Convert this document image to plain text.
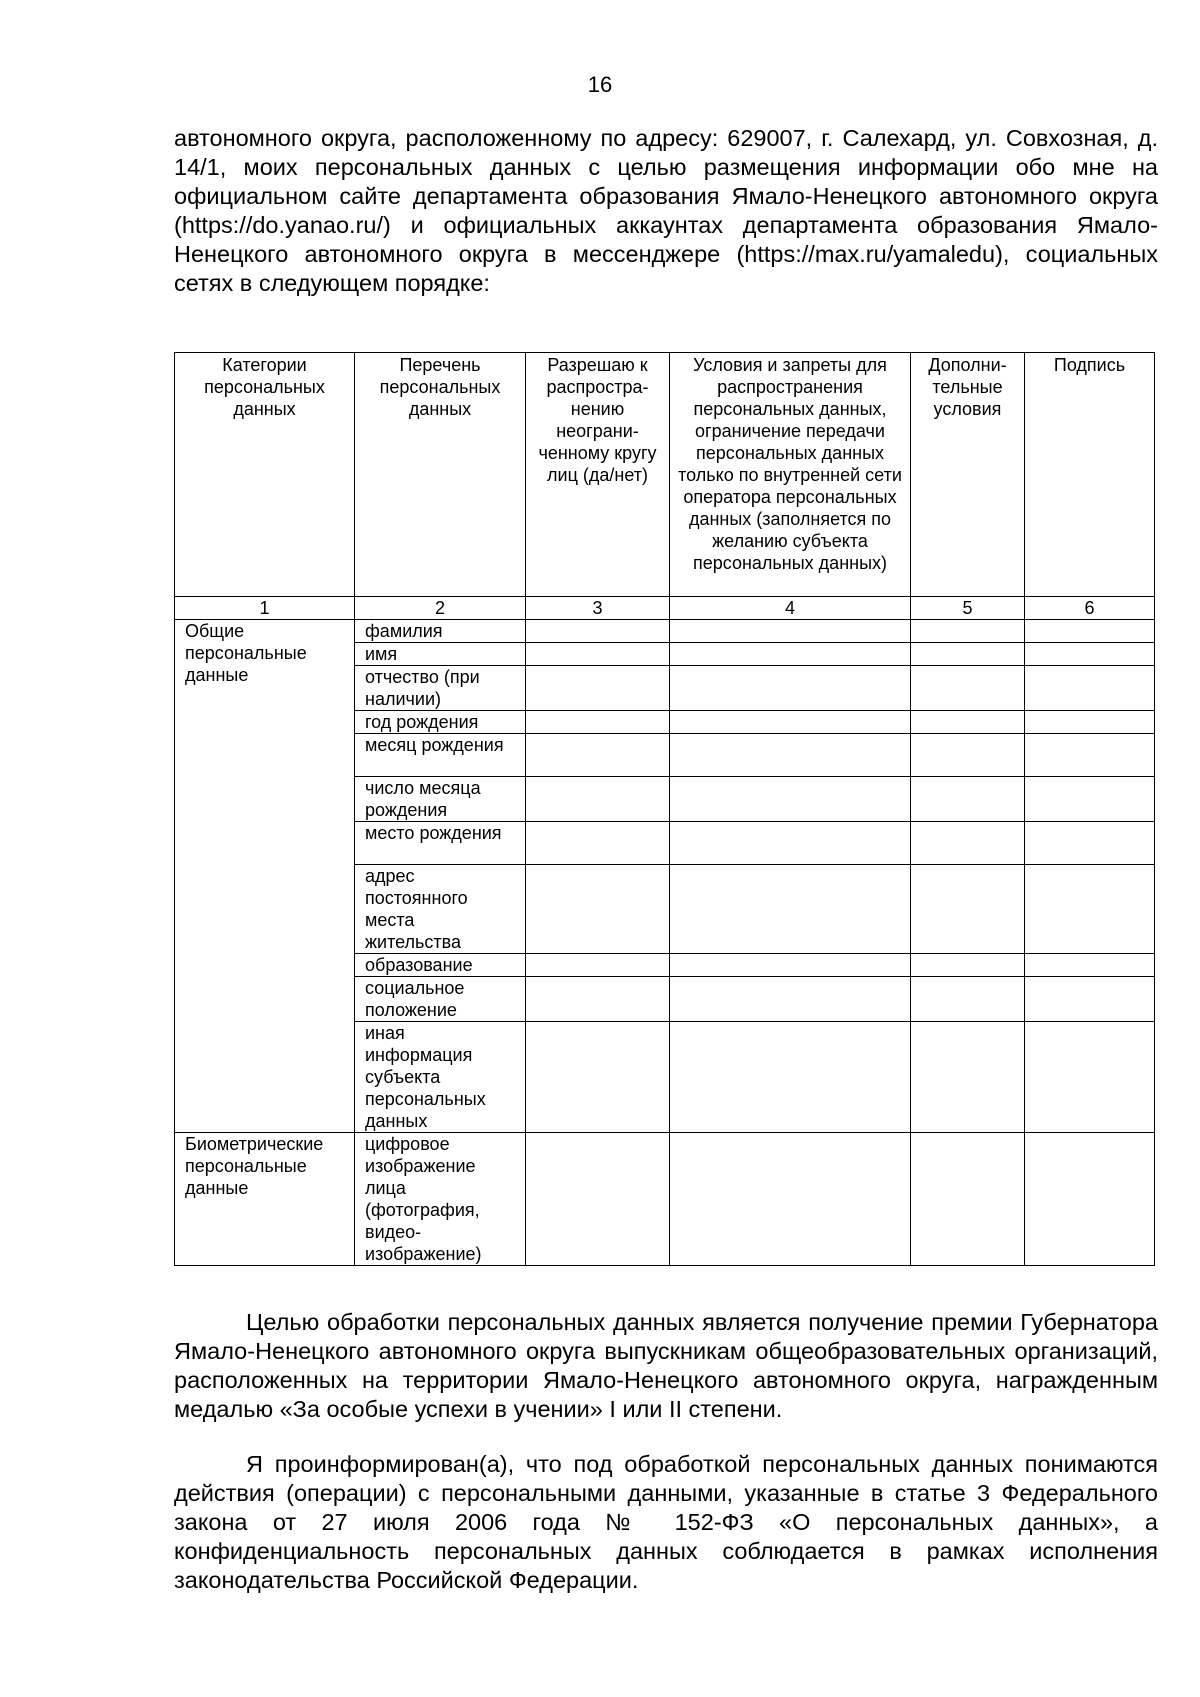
16

автономного округа, расположенному по адресу: 629007, г. Салехард, ул. Совхозная, д. 14/1, моих персональных данных с целью размещения информации обо мне на официальном сайте департамента образования Ямало-Ненецкого автономного округа (https://do.yanao.ru/) и официальных аккаунтах департамента образования Ямало-Ненецкого автономного округа в мессенджере (https://max.ru/yamaledu), социальных сетях в следующем порядке:

Категории персональных данных	Перечень персональных данных	Разрешаю к распространению неограниченному кругу лиц (да/нет)	Условия и запреты для распространения персональных данных, ограничение передачи персональных данных только по внутренней сети оператора персональных данных (заполняется по желанию субъекта персональных данных)	Дополнительные условия	Подпись
1	2	3	4	5	6
Общие персональные данные	фамилия				
	имя				
	отчество (при наличии)				
	год рождения				
	месяц рождения				
	число месяца рождения				
	место рождения				
	адрес постоянного места жительства				
	образование				
	социальное положение				
	иная информация субъекта персональных данных				
Биометрические персональные данные	цифровое изображение лица (фотография, видеоизображение)				

Целью обработки персональных данных является получение премии Губернатора Ямало-Ненецкого автономного округа выпускникам общеобразовательных организаций, расположенных на территории Ямало-Ненецкого автономного округа, награжденным медалью «За особые успехи в учении» I или II степени.

Я проинформирован(а), что под обработкой персональных данных понимаются действия (операции) с персональными данными, указанные в статье 3 Федерального закона от 27 июля 2006 года № 152-ФЗ «О персональных данных», а конфиденциальность персональных данных соблюдается в рамках исполнения законодательства Российской Федерации.
